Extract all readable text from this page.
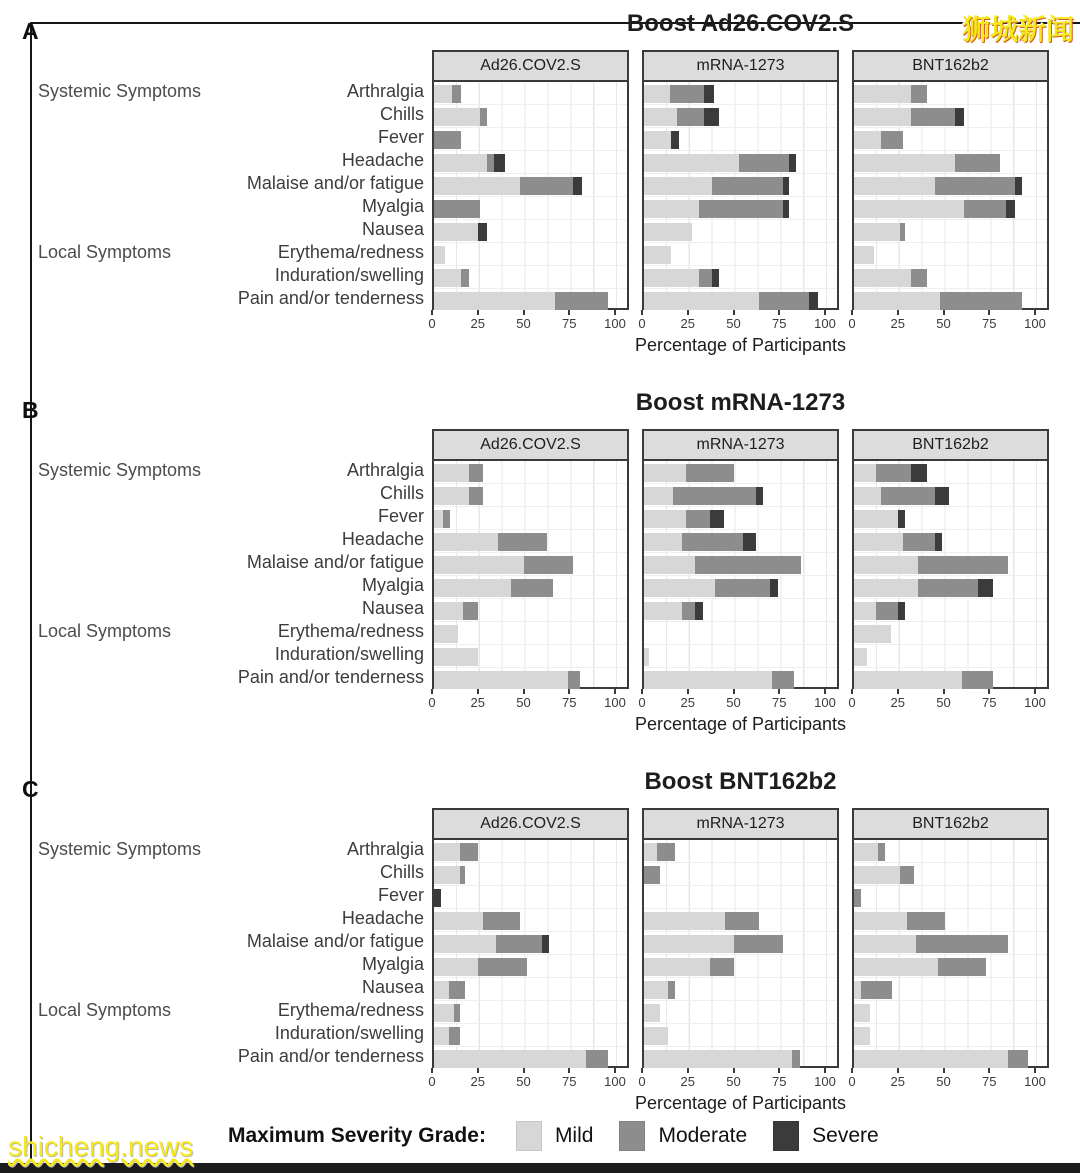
A	Boost Ad26.COV2.S
Systemic Symptoms	Arthralgia
Chills
Fever
Headache
Malaise and/or fatigue
Myalgia
Nausea
Local Symptoms	Erythema/redness
Induration/swelling
Pain and/or tenderness
Ad26.COV2.S
0	25 50 75 100
mRNA-1273
0	25 50 75 100
BNT162b2
0	25 50 75 100
Percentage of Participants
B	Boost mRNA-1273
Systemic Symptoms	Arthralgia
Chills
Fever
Headache
Malaise and/or fatigue
Myalgia
Nausea
Local Symptoms	Erythema/redness
Induration/swelling
Pain and/or tenderness
Ad26.COV2.S
0	25 50 75 100
mRNA-1273
0	25 50 75 100
BNT162b2
0	25 50 75 100
Percentage of Participants
C	Boost BNT162b2
Systemic Symptoms	Arthralgia
Chills
Fever
Headache
Malaise and/or fatigue
Myalgia
Nausea
Local Symptoms	Erythema/redness
Induration/swelling
Pain and/or tenderness
Ad26.COV2.S
0	25 50 75 100
mRNA-1273
0	25 50 75 100
BNT162b2
0	25 50 75 100
Percentage of Participants
Maximum Severity Grade:	Mild	Moderate	Severe
狮城新闻
shicheng.news
